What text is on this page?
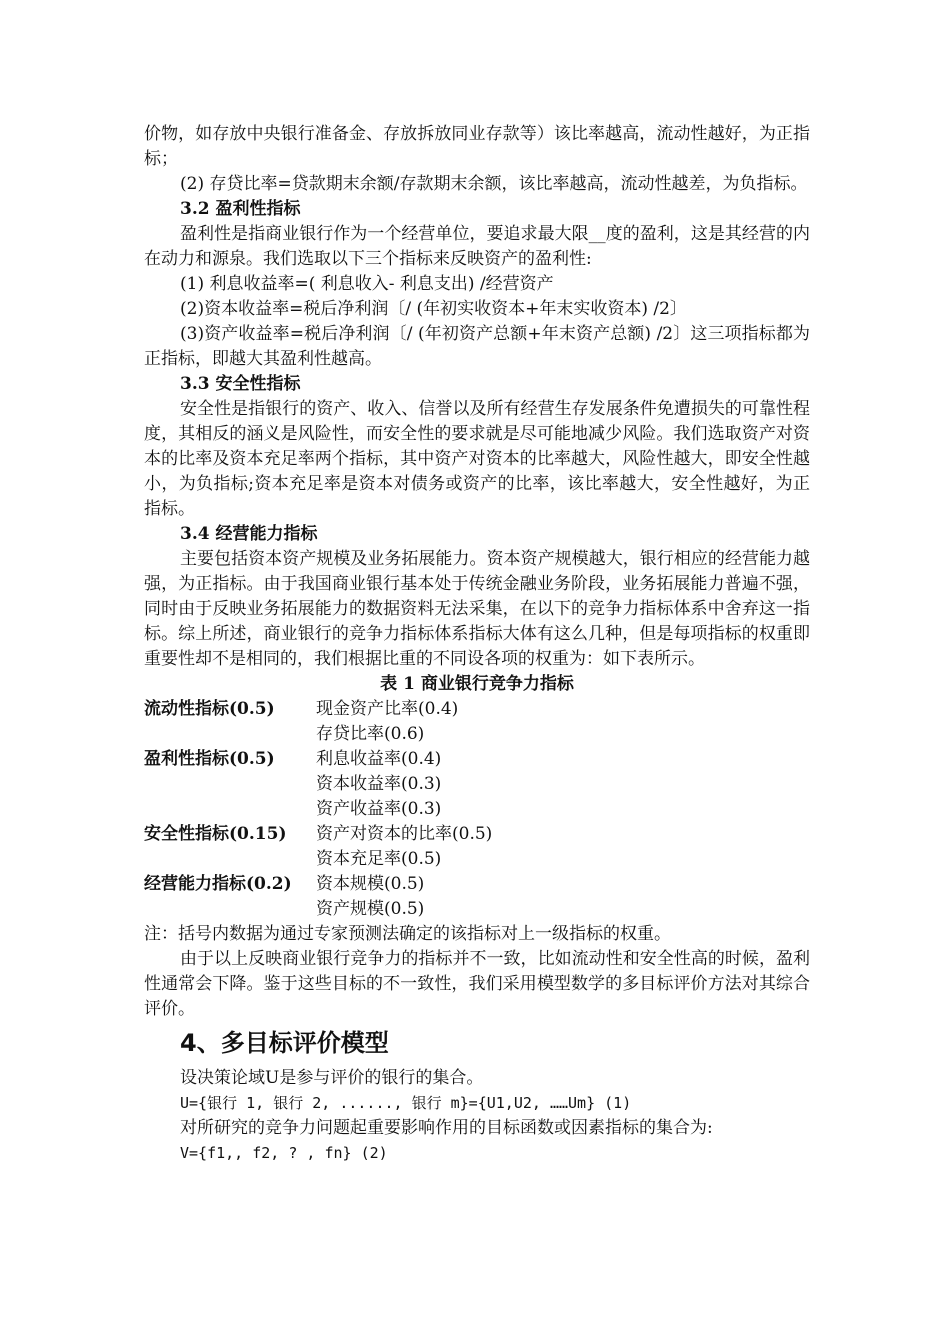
价物，如存放中央银行准备金、存放拆放同业存款等）该比率越高，流动性越好，为正指标；

(2) 存贷比率=贷款期末余额/存款期末余额，该比率越高，流动性越差，为负指标。

3.2 盈利性指标

盈利性是指商业银行作为一个经营单位，要追求最大限__度的盈利，这是其经营的内在动力和源泉。我们选取以下三个指标来反映资产的盈利性:

(1) 利息收益率=( 利息收入- 利息支出) /经营资产

(2)资本收益率=税后净利润〔/ (年初实收资本+年末实收资本) /2〕

(3)资产收益率=税后净利润〔/ (年初资产总额+年末资产总额) /2〕这三项指标都为正指标，即越大其盈利性越高。

3.3 安全性指标

安全性是指银行的资产、收入、信誉以及所有经营生存发展条件免遭损失的可靠性程度，其相反的涵义是风险性，而安全性的要求就是尽可能地减少风险。我们选取资产对资本的比率及资本充足率两个指标，其中资产对资本的比率越大，风险性越大，即安全性越小，为负指标;资本充足率是资本对债务或资产的比率，该比率越大，安全性越好，为正指标。

3.4 经营能力指标

主要包括资本资产规模及业务拓展能力。资本资产规模越大，银行相应的经营能力越强，为正指标。由于我国商业银行基本处于传统金融业务阶段，业务拓展能力普遍不强，同时由于反映业务拓展能力的数据资料无法采集，在以下的竞争力指标体系中舍弃这一指标。综上所述，商业银行的竞争力指标体系指标大体有这么几种，但是每项指标的权重即重要性却不是相同的，我们根据比重的不同设各项的权重为：如下表所示。

表 1 商业银行竞争力指标

流动性指标(0.5)	现金资产比率(0.4)
存贷比率(0.6)
盈利性指标(0.5)	利息收益率(0.4)
资本收益率(0.3)
资产收益率(0.3)
安全性指标(0.15)	资产对资本的比率(0.5)
资本充足率(0.5)
经营能力指标(0.2)	资本规模(0.5)
资产规模(0.5)

注：括号内数据为通过专家预测法确定的该指标对上一级指标的权重。

由于以上反映商业银行竞争力的指标并不一致，比如流动性和安全性高的时候，盈利性通常会下降。鉴于这些目标的不一致性，我们采用模型数学的多目标评价方法对其综合评价。

4、多目标评价模型

设决策论域U是参与评价的银行的集合。

U={银行 1, 银行 2, ......, 银行 m}={U1,U2, ……Um} (1)

对所研究的竞争力问题起重要影响作用的目标函数或因素指标的集合为:

V={f1,, f2, ? , fn} (2)
